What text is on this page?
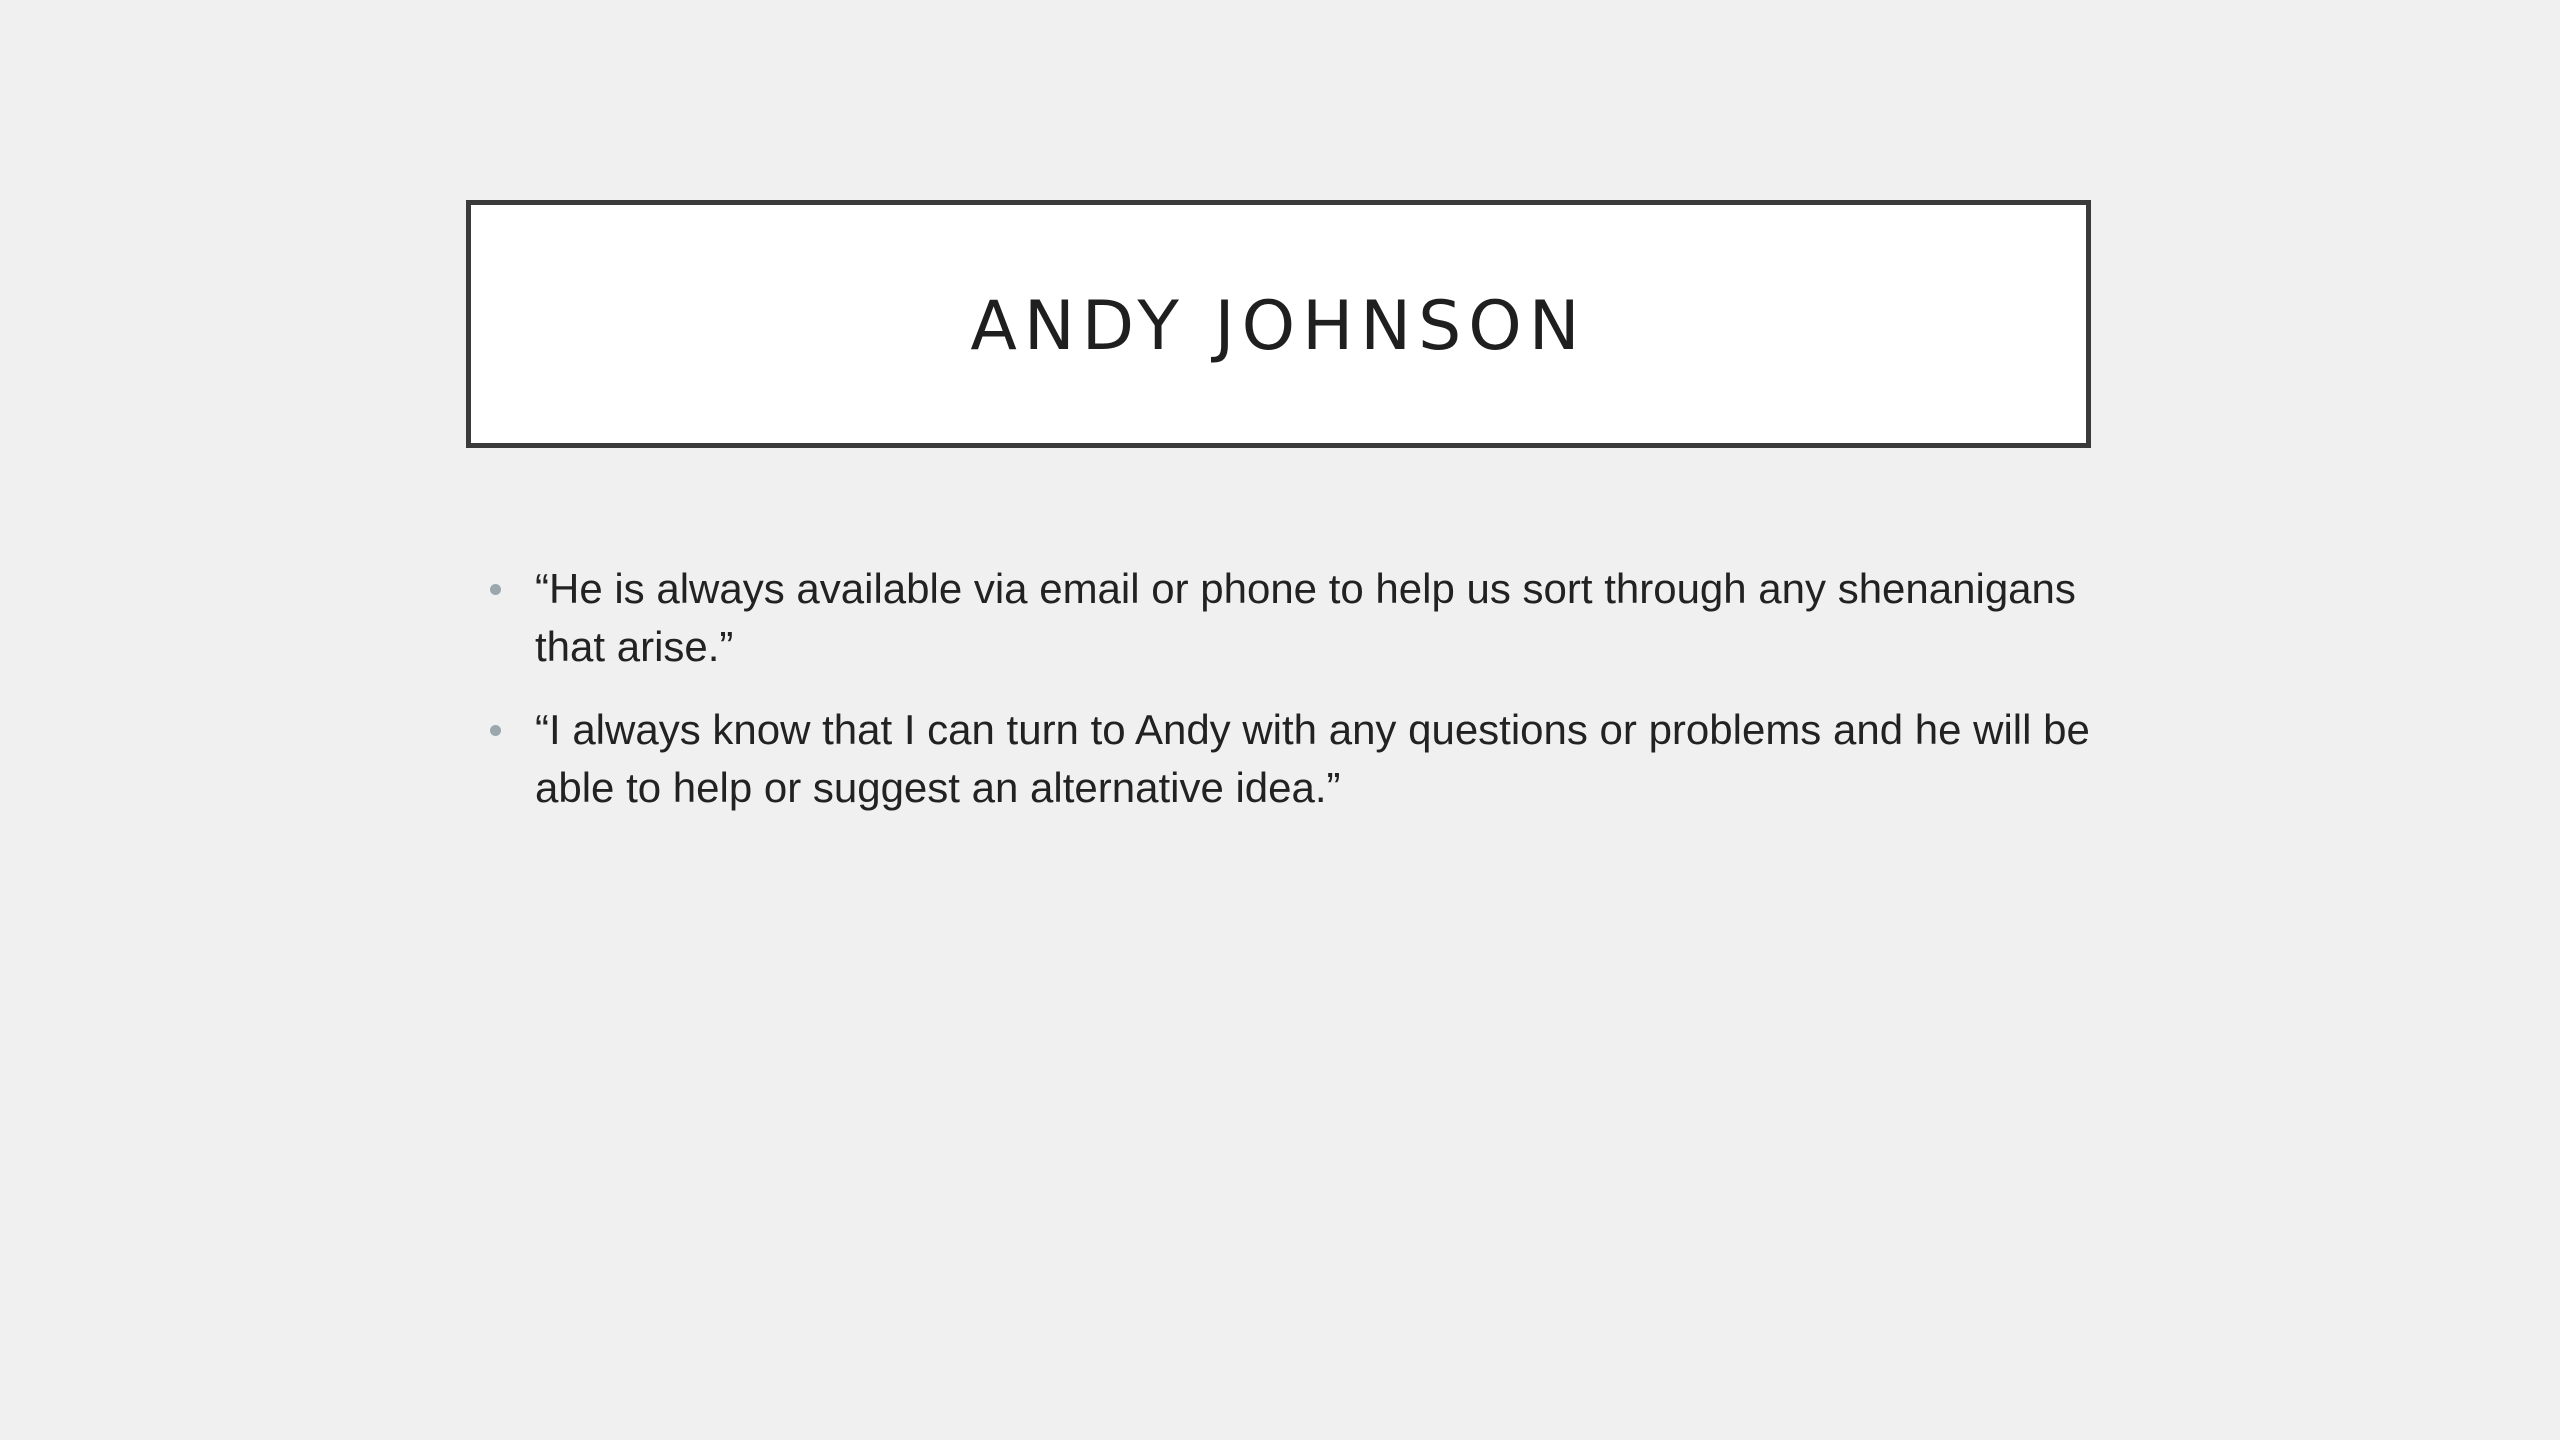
ANDY JOHNSON
“He is always available via email or phone to help us sort through any shenanigans that arise.”
“I always know that I can turn to Andy with any questions or problems and he will be able to help or suggest an alternative idea.”
